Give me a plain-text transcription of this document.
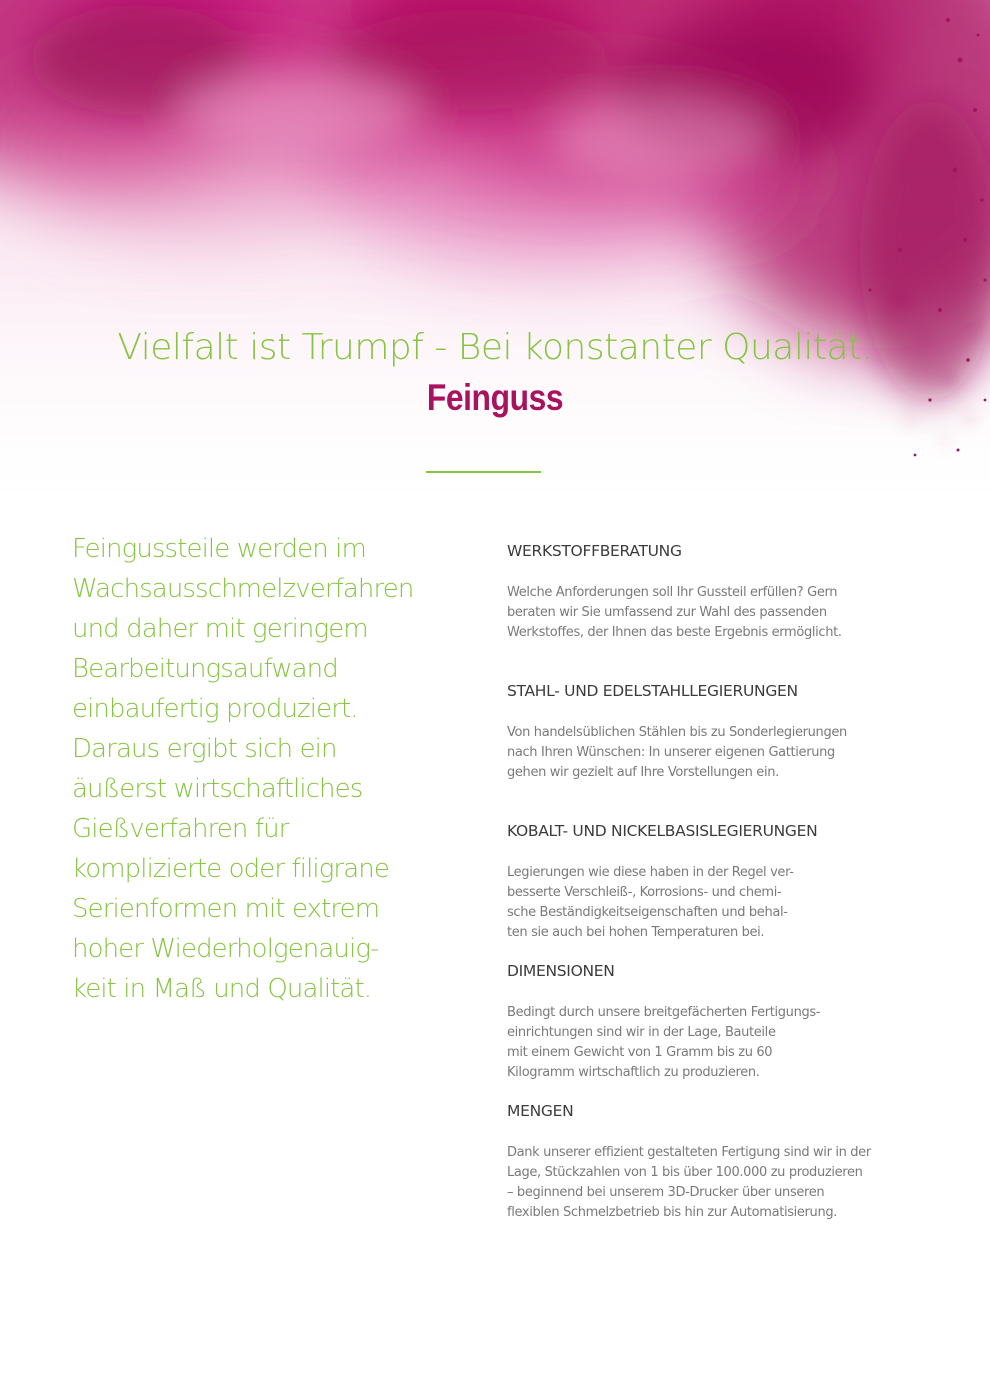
Vielfalt ist Trumpf - Bei konstanter Qualität.
Feinguss

Feingussteile werden im
Wachsausschmelzverfahren
und daher mit geringem
Bearbeitungsaufwand
einbaufertig produziert.
Daraus ergibt sich ein
äußerst wirtschaftliches
Gießverfahren für
komplizierte oder filigrane
Serienformen mit extrem
hoher Wiederholgenauig-
keit in Maß und Qualität.

WERKSTOFFBERATUNG

Welche Anforderungen soll Ihr Gussteil erfüllen? Gern
beraten wir Sie umfassend zur Wahl des passenden
Werkstoffes, der Ihnen das beste Ergebnis ermöglicht.

STAHL- UND EDELSTAHLLEGIERUNGEN

Von handelsüblichen Stählen bis zu Sonderlegierungen
nach Ihren Wünschen: In unserer eigenen Gattierung
gehen wir gezielt auf Ihre Vorstellungen ein.

KOBALT- UND NICKELBASISLEGIERUNGEN

Legierungen wie diese haben in der Regel ver-
besserte Verschleiß-, Korrosions- und chemi-
sche Beständigkeitseigenschaften und behal-
ten sie auch bei hohen Temperaturen bei.

DIMENSIONEN

Bedingt durch unsere breitgefächerten Fertigungs-
einrichtungen sind wir in der Lage, Bauteile
mit einem Gewicht von 1 Gramm bis zu 60
Kilogramm wirtschaftlich zu produzieren.

MENGEN

Dank unserer effizient gestalteten Fertigung sind wir in der
Lage, Stückzahlen von 1 bis über 100.000 zu produzieren
– beginnend bei unserem 3D-Drucker über unseren
flexiblen Schmelzbetrieb bis hin zur Automatisierung.
